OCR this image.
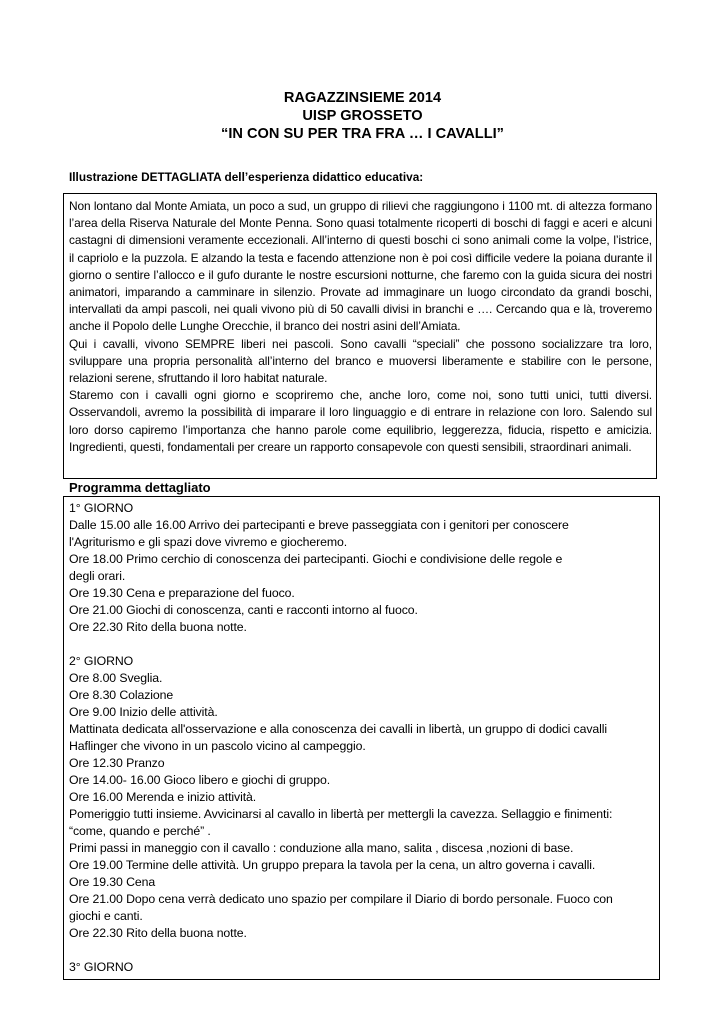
RAGAZZINSIEME 2014
UISP GROSSETO
“IN CON SU PER TRA FRA … I CAVALLI”
Illustrazione DETTAGLIATA dell’esperienza didattico educativa:

Non lontano dal Monte Amiata, un poco a sud, un gruppo di rilievi che raggiungono i 1100 mt. di altezza formano l’area della Riserva Naturale del Monte Penna. Sono quasi totalmente ricoperti di boschi di faggi e aceri e alcuni castagni di dimensioni veramente eccezionali. All’interno di questi boschi ci sono animali come la volpe, l’istrice, il capriolo e la puzzola. E alzando la testa e facendo attenzione non è poi così difficile vedere la poiana durante il giorno o sentire l’allocco e il gufo durante le nostre escursioni notturne, che faremo con la guida sicura dei nostri animatori, imparando a camminare in silenzio. Provate ad immaginare un luogo circondato da grandi boschi, intervallati da ampi pascoli, nei quali vivono più di 50 cavalli divisi in branchi e …. Cercando qua e là, troveremo anche il Popolo delle Lunghe Orecchie, il branco dei nostri asini dell’Amiata.

Qui i cavalli, vivono SEMPRE liberi nei pascoli. Sono cavalli “speciali” che possono socializzare tra loro, sviluppare una propria personalità all’interno del branco e muoversi liberamente e stabilire con le persone, relazioni serene, sfruttando il loro habitat naturale.

Staremo con i cavalli ogni giorno e scopriremo che, anche loro, come noi, sono tutti unici, tutti diversi. Osservandoli, avremo la possibilità di imparare il loro linguaggio e di entrare in relazione con loro. Salendo sul loro dorso capiremo l’importanza che hanno parole come equilibrio, leggerezza, fiducia, rispetto e amicizia. Ingredienti, questi, fondamentali per creare un rapporto consapevole con questi sensibili, straordinari animali.

Programma dettagliato
1° GIORNO
Dalle 15.00 alle 16.00 Arrivo dei partecipanti e breve passeggiata con i genitori per conoscere
l'Agriturismo e gli spazi dove vivremo e giocheremo.
Ore 18.00 Primo cerchio di conoscenza dei partecipanti. Giochi e condivisione delle regole e
degli orari.
Ore 19.30 Cena e preparazione del fuoco.
Ore 21.00 Giochi di conoscenza, canti e racconti intorno al fuoco.
Ore 22.30 Rito della buona notte.
2° GIORNO
Ore 8.00 Sveglia.
Ore 8.30 Colazione
Ore 9.00 Inizio delle attività.
Mattinata dedicata all'osservazione e alla conoscenza dei cavalli in libertà, un gruppo di dodici cavalli
Haflinger che vivono in un pascolo vicino al campeggio.
Ore 12.30 Pranzo
Ore 14.00- 16.00 Gioco libero e giochi di gruppo.
Ore 16.00 Merenda e inizio attività.
Pomeriggio tutti insieme. Avvicinarsi al cavallo in libertà per mettergli la cavezza. Sellaggio e finimenti:
“come, quando e perché” .
Primi passi in maneggio con il cavallo : conduzione alla mano, salita , discesa ,nozioni di base.
Ore 19.00 Termine delle attività. Un gruppo prepara la tavola per la cena, un altro governa i cavalli.
Ore 19.30 Cena
Ore 21.00 Dopo cena verrà dedicato uno spazio per compilare il Diario di bordo personale. Fuoco con
giochi e canti.
Ore 22.30 Rito della buona notte.
3° GIORNO
